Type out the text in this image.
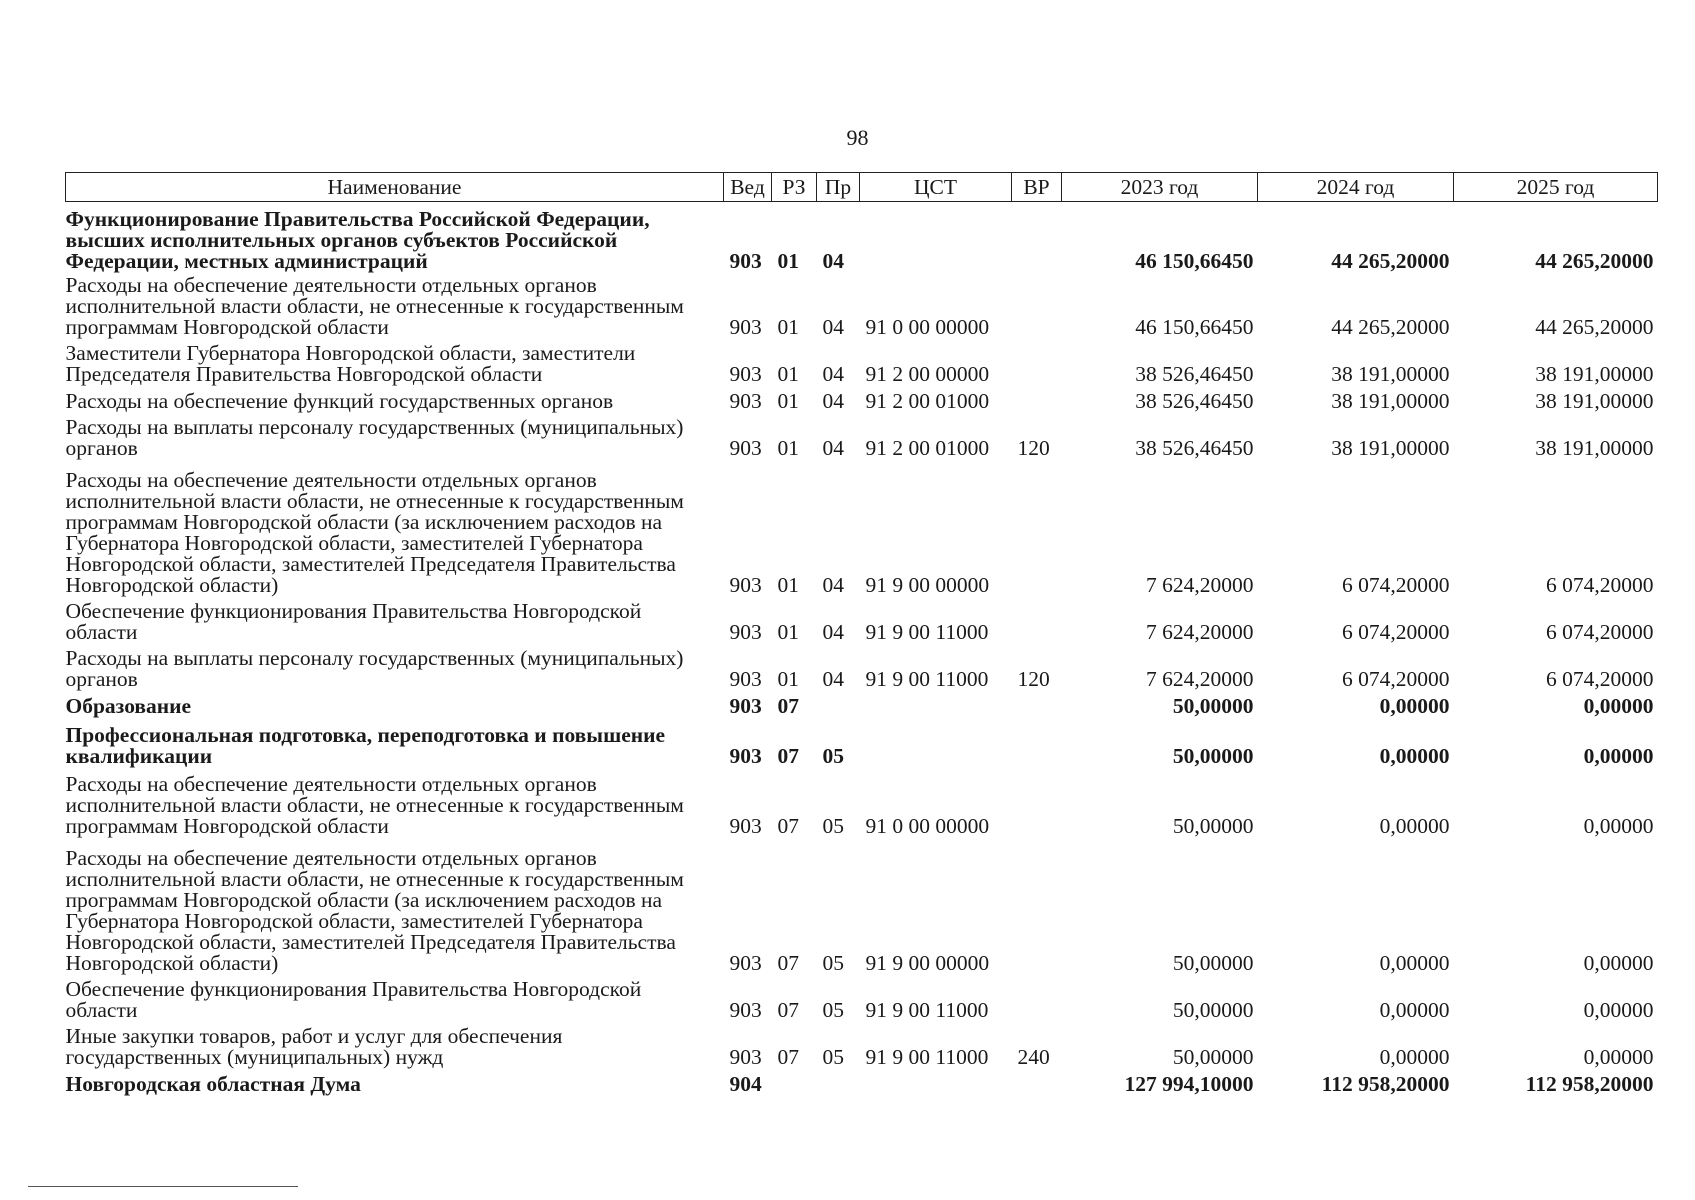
98
Наименование	Вед	РЗ	Пр	ЦСТ	ВР	2023 год	2024 год	2025 год
Функционирование Правительства Российской Федерации, высших исполнительных органов субъектов Российской Федерации, местных администраций	903	01	04			46 150,66450	44 265,20000	44 265,20000
Расходы на обеспечение деятельности отдельных органов исполнительной власти области, не отнесенные к государственным программам Новгородской области	903	01	04	91 0 00 00000		46 150,66450	44 265,20000	44 265,20000
Заместители Губернатора Новгородской области, заместители Председателя Правительства Новгородской области	903	01	04	91 2 00 00000		38 526,46450	38 191,00000	38 191,00000
Расходы на обеспечение функций государственных органов	903	01	04	91 2 00 01000		38 526,46450	38 191,00000	38 191,00000
Расходы на выплаты персоналу государственных (муниципальных) органов	903	01	04	91 2 00 01000	120	38 526,46450	38 191,00000	38 191,00000
Расходы на обеспечение деятельности отдельных органов исполнительной власти области, не отнесенные к государственным программам Новгородской области (за исключением расходов на Губернатора Новгородской области, заместителей Губернатора Новгородской области, заместителей Председателя Правительства Новгородской области)	903	01	04	91 9 00 00000		7 624,20000	6 074,20000	6 074,20000
Обеспечение функционирования Правительства Новгородской области	903	01	04	91 9 00 11000		7 624,20000	6 074,20000	6 074,20000
Расходы на выплаты персоналу государственных (муниципальных) органов	903	01	04	91 9 00 11000	120	7 624,20000	6 074,20000	6 074,20000
Образование	903	07				50,00000	0,00000	0,00000
Профессиональная подготовка, переподготовка и повышение квалификации	903	07	05			50,00000	0,00000	0,00000
Расходы на обеспечение деятельности отдельных органов исполнительной власти области, не отнесенные к государственным программам Новгородской области	903	07	05	91 0 00 00000		50,00000	0,00000	0,00000
Расходы на обеспечение деятельности отдельных органов исполнительной власти области, не отнесенные к государственным программам Новгородской области (за исключением расходов на Губернатора Новгородской области, заместителей Губернатора Новгородской области, заместителей Председателя Правительства Новгородской области)	903	07	05	91 9 00 00000		50,00000	0,00000	0,00000
Обеспечение функционирования Правительства Новгородской области	903	07	05	91 9 00 11000		50,00000	0,00000	0,00000
Иные закупки товаров, работ и услуг для обеспечения государственных (муниципальных) нужд	903	07	05	91 9 00 11000	240	50,00000	0,00000	0,00000
Новгородская областная Дума	904					127 994,10000	112 958,20000	112 958,20000
